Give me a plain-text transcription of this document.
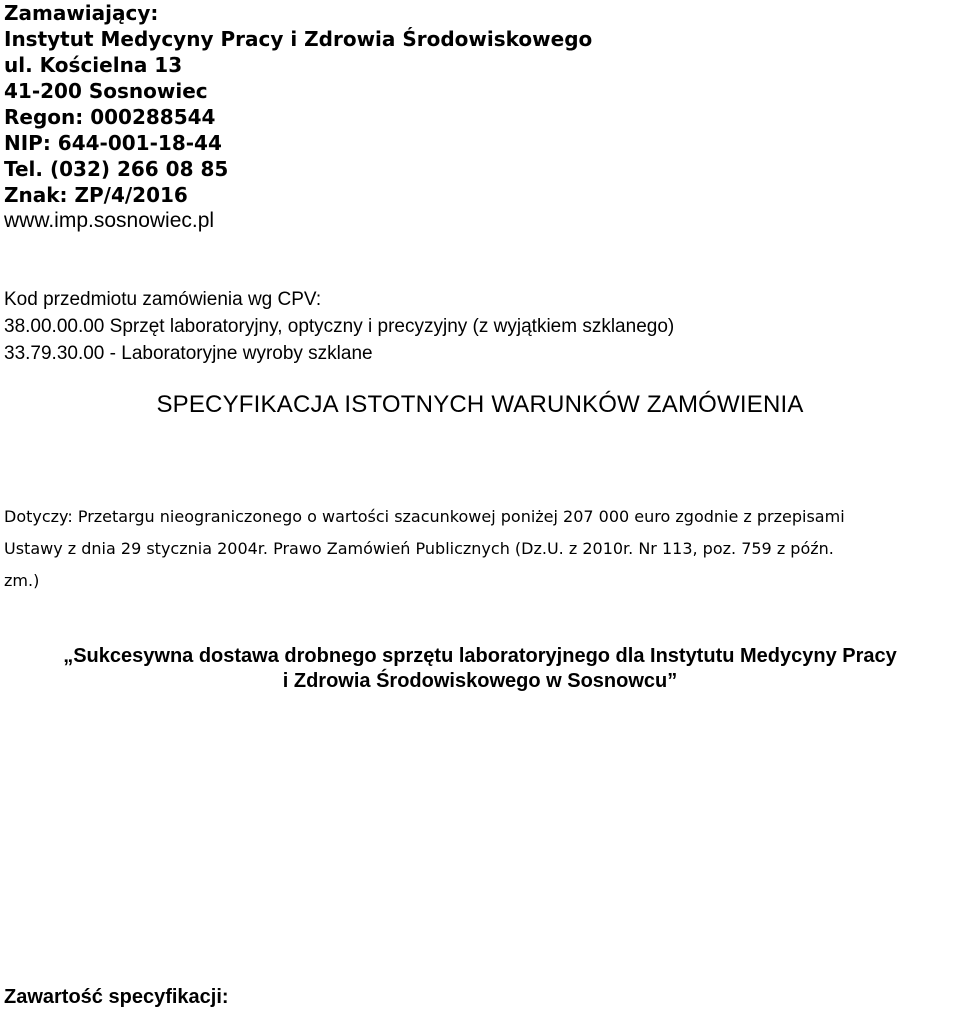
Zamawiający:
Instytut Medycyny Pracy i Zdrowia Środowiskowego
ul. Kościelna 13
41-200 Sosnowiec
Regon: 000288544
NIP: 644-001-18-44
Tel. (032) 266 08 85
Znak: ZP/4/2016
www.imp.sosnowiec.pl
Kod przedmiotu zamówienia wg CPV:
38.00.00.00 Sprzęt laboratoryjny, optyczny i precyzyjny (z wyjątkiem szklanego)
33.79.30.00 - Laboratoryjne wyroby szklane
SPECYFIKACJA ISTOTNYCH WARUNKÓW ZAMÓWIENIA
Dotyczy: Przetargu nieograniczonego o wartości szacunkowej poniżej 207 000 euro zgodnie z przepisami
Ustawy z dnia 29 stycznia 2004r. Prawo Zamówień Publicznych (Dz.U. z 2010r. Nr 113, poz. 759 z późn.
zm.)
„Sukcesywna dostawa drobnego sprzętu laboratoryjnego dla Instytutu Medycyny Pracy
i Zdrowia Środowiskowego w Sosnowcu”
Zawartość specyfikacji:
